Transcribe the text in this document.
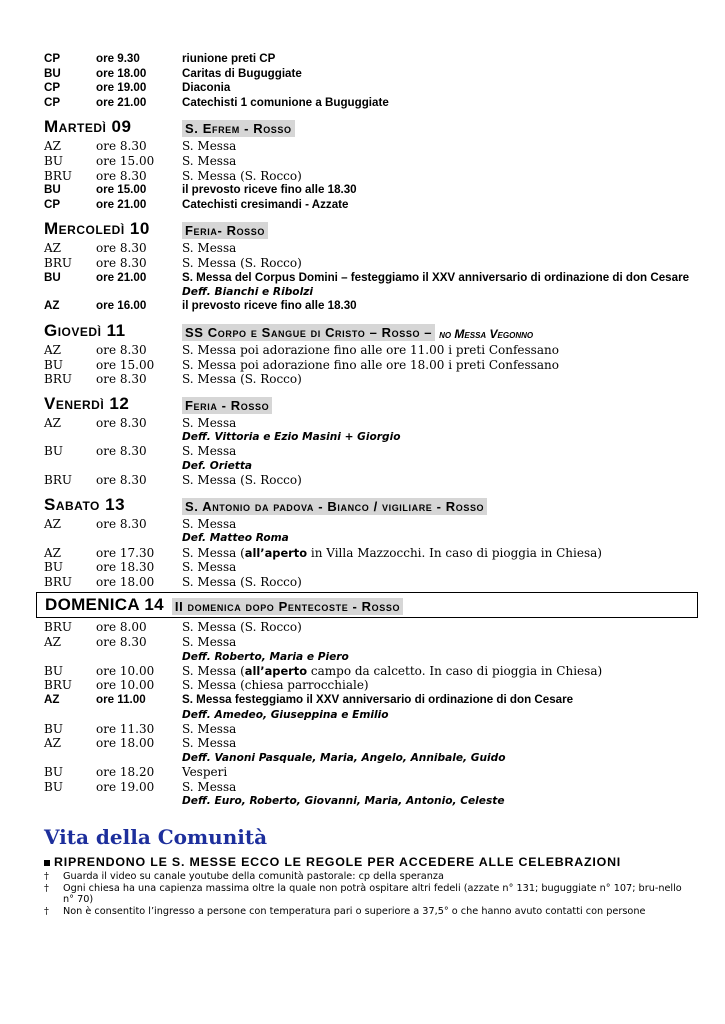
CP	ore 9.30	riunione preti CP
BU	ore 18.00	Caritas di Buguggiate
CP	ore 19.00	Diaconia
CP	ore 21.00	Catechisti 1 comunione a Buguggiate
Martedì 09	S. Efrem - Rosso
AZ	ore 8.30	S. Messa
BU	ore 15.00	S. Messa
BRU	ore 8.30	S. Messa (S. Rocco)
BU	ore 15.00	il prevosto riceve fino alle 18.30
CP	ore 21.00	Catechisti cresimandi - Azzate
Mercoledì 10	Feria- Rosso
AZ	ore 8.30	S. Messa
BRU	ore 8.30	S. Messa (S. Rocco)
BU	ore 21.00	S. Messa del Corpus Domini – festeggiamo il XXV anniversario di ordinazione di don Cesare
Deff. Bianchi e Ribolzi
AZ	ore 16.00	il prevosto riceve fino alle 18.30
Giovedì 11	SS Corpo e Sangue di Cristo – Rosso – no Messa Vegonno
AZ	ore 8.30	S. Messa poi adorazione fino alle ore 11.00 i preti Confessano
BU	ore 15.00	S. Messa poi adorazione fino alle ore 18.00 i preti Confessano
BRU	ore 8.30	S. Messa (S. Rocco)
Venerdì 12	Feria - Rosso
AZ	ore 8.30	S. Messa
Deff. Vittoria e Ezio Masini + Giorgio
BU	ore 8.30	S. Messa
Def. Orietta
BRU	ore 8.30	S. Messa (S. Rocco)
Sabato 13	S. Antonio da padova - Bianco / vigiliare - Rosso
AZ	ore 8.30	S. Messa
Def. Matteo Roma
AZ	ore 17.30	S. Messa (all’aperto in Villa Mazzocchi. In caso di pioggia in Chiesa)
BU	ore 18.30	S. Messa
BRU	ore 18.00	S. Messa (S. Rocco)
DOMENICA 14 II domenica dopo Pentecoste - Rosso
BRU	ore 8.00	S. Messa (S. Rocco)
AZ	ore 8.30	S. Messa
Deff. Roberto, Maria e Piero
BU	ore 10.00	S. Messa (all’aperto campo da calcetto. In caso di pioggia in Chiesa)
BRU	ore 10.00	S. Messa (chiesa parrocchiale)
AZ	ore 11.00	S. Messa festeggiamo il XXV anniversario di ordinazione di don Cesare
Deff. Amedeo, Giuseppina e Emilio
BU	ore 11.30	S. Messa
AZ	ore 18.00	S. Messa
Deff. Vanoni Pasquale, Maria, Angelo, Annibale, Guido
BU	ore 18.20	Vesperi
BU	ore 19.00	S. Messa
Deff. Euro, Roberto, Giovanni, Maria, Antonio, Celeste
Vita della Comunità
RIPRENDONO LE S. MESSE ECCO LE REGOLE PER ACCEDERE ALLE CELEBRAZIONI
†	Guarda il video su canale youtube della comunità pastorale: cp della speranza
†	Ogni chiesa ha una capienza massima oltre la quale non potrà ospitare altri fedeli (azzate n° 131; buguggiate n° 107; bru-nello n° 70)
†	Non è consentito l’ingresso a persone con temperatura pari o superiore a 37,5° o che hanno avuto contatti con persone
